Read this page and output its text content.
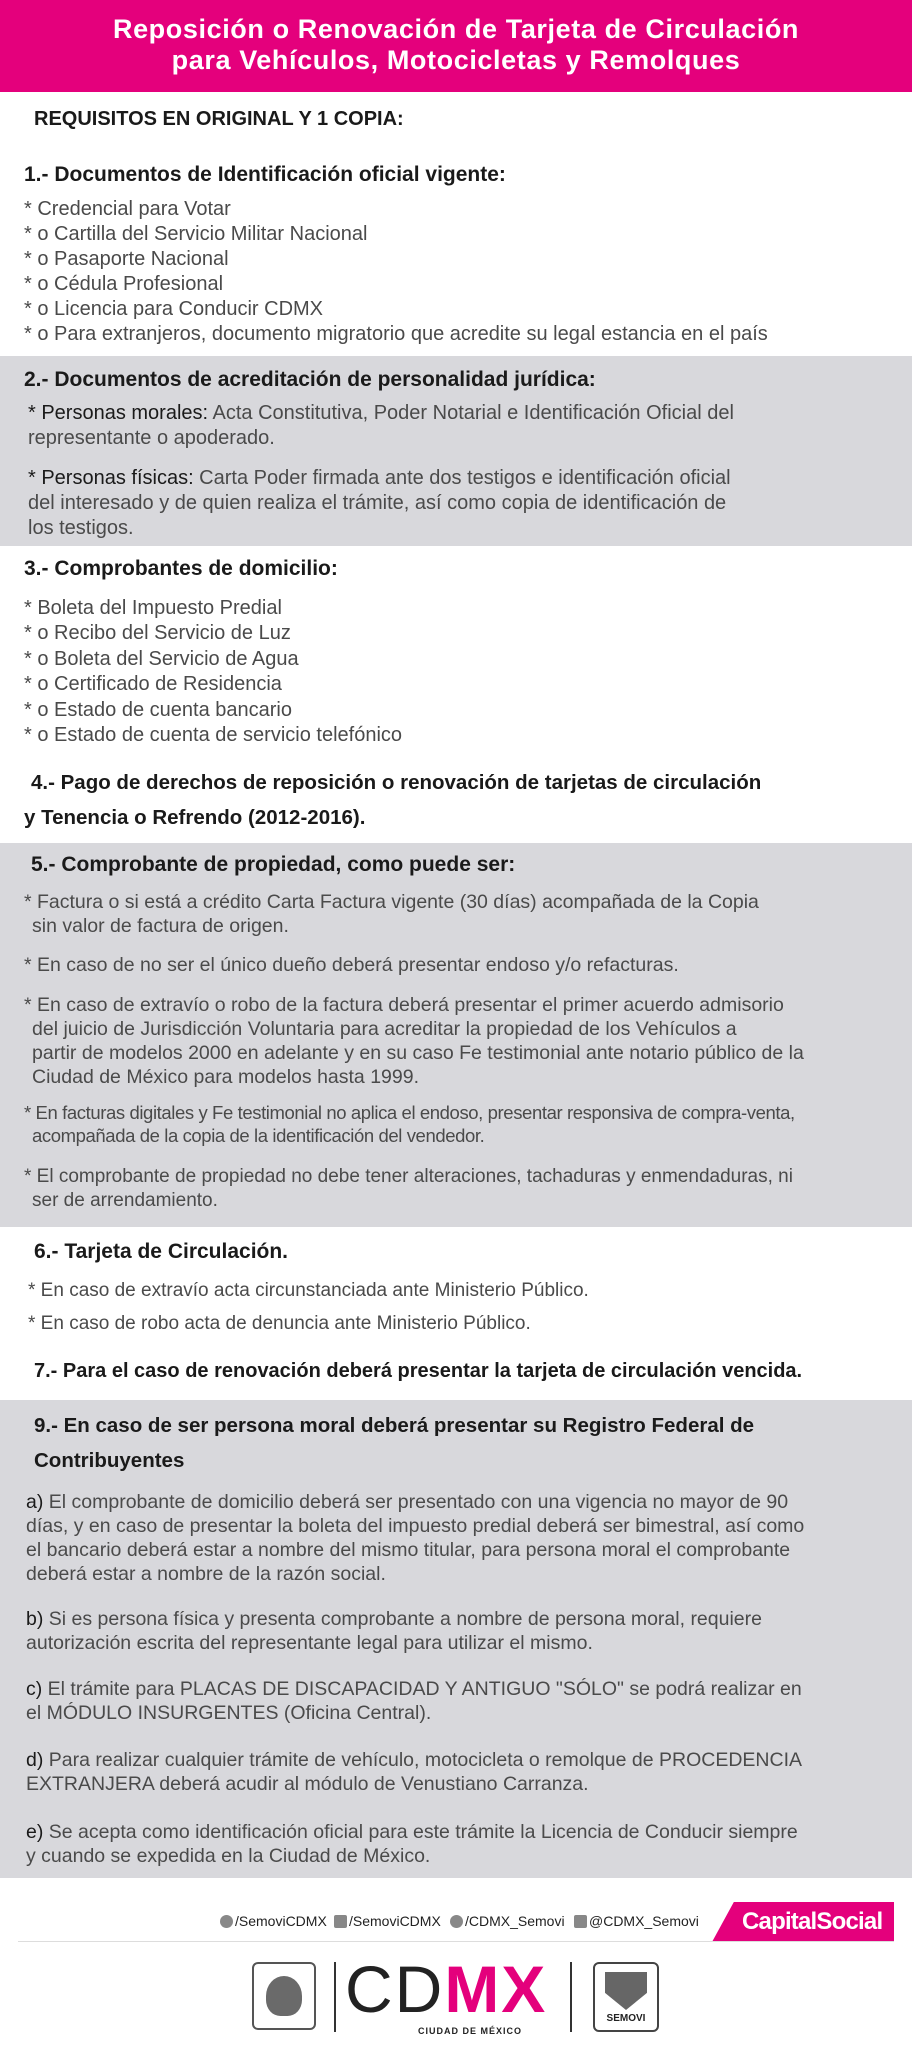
Reposición o Renovación de Tarjeta de Circulación
para Vehículos, Motocicletas y Remolques
REQUISITOS EN ORIGINAL Y 1 COPIA:
1.- Documentos de Identificación oficial vigente:
* Credencial para Votar
* o Cartilla del Servicio Militar Nacional
* o Pasaporte Nacional
* o Cédula Profesional
* o Licencia para Conducir CDMX
* o Para extranjeros, documento migratorio que acredite su legal estancia en el país
2.- Documentos de acreditación de personalidad jurídica:
* Personas morales: Acta Constitutiva, Poder Notarial e Identificación Oficial del
representante o apoderado.
* Personas físicas: Carta Poder firmada ante dos testigos e identificación oficial
del interesado y de quien realiza el trámite, así como copia de identificación de
los testigos.
3.- Comprobantes de domicilio:
* Boleta del Impuesto Predial
* o Recibo del Servicio de Luz
* o Boleta del Servicio de Agua
* o Certificado de Residencia
* o Estado de cuenta bancario
* o Estado de cuenta de servicio telefónico
4.- Pago de derechos de reposición o renovación de tarjetas de circulación
y Tenencia o Refrendo (2012-2016).
5.- Comprobante de propiedad, como puede ser:
* Factura o si está a crédito Carta Factura vigente (30 días) acompañada de la Copia
sin valor de factura de origen.
* En caso de no ser el único dueño deberá presentar endoso y/o refacturas.
* En caso de extravío o robo de la factura deberá presentar el primer acuerdo admisorio
del juicio de Jurisdicción Voluntaria para acreditar la propiedad de los Vehículos a
partir de modelos 2000 en adelante y en su caso Fe testimonial ante notario público de la
Ciudad de México para modelos hasta 1999.
* En facturas digitales y Fe testimonial no aplica el endoso, presentar responsiva de compra-venta,
acompañada de la copia de la identificación del vendedor.
* El comprobante de propiedad no debe tener alteraciones, tachaduras y enmendaduras, ni
ser de arrendamiento.
6.- Tarjeta de Circulación.
* En caso de extravío acta circunstanciada ante Ministerio Público.
* En caso de robo acta de denuncia ante Ministerio Público.
7.- Para el caso de renovación deberá presentar la tarjeta de circulación vencida.
9.- En caso de ser persona moral deberá presentar su Registro Federal de
Contribuyentes
a) El comprobante de domicilio deberá ser presentado con una vigencia no mayor de 90
días, y en caso de presentar la boleta del impuesto predial deberá ser bimestral, así como
el bancario deberá estar a nombre del mismo titular, para persona moral el comprobante
deberá estar a nombre de la razón social.
b) Si es persona física y presenta comprobante a nombre de persona moral, requiere
autorización escrita del representante legal para utilizar el mismo.
c) El trámite para PLACAS DE DISCAPACIDAD Y ANTIGUO "SÓLO" se podrá realizar en
el MÓDULO INSURGENTES (Oficina Central).
d) Para realizar cualquier trámite de vehículo, motocicleta o remolque de PROCEDENCIA
EXTRANJERA deberá acudir al módulo de Venustiano Carranza.
e) Se acepta como identificación oficial para este trámite la Licencia de Conducir siempre
y cuando se expedida en la Ciudad de México.
/SemoviCDMX	/SemoviCDMX	/CDMX_Semovi	@CDMX_Semovi CapitalSocial
CDMX
CIUDAD DE MÉXICO
SEMOVI
